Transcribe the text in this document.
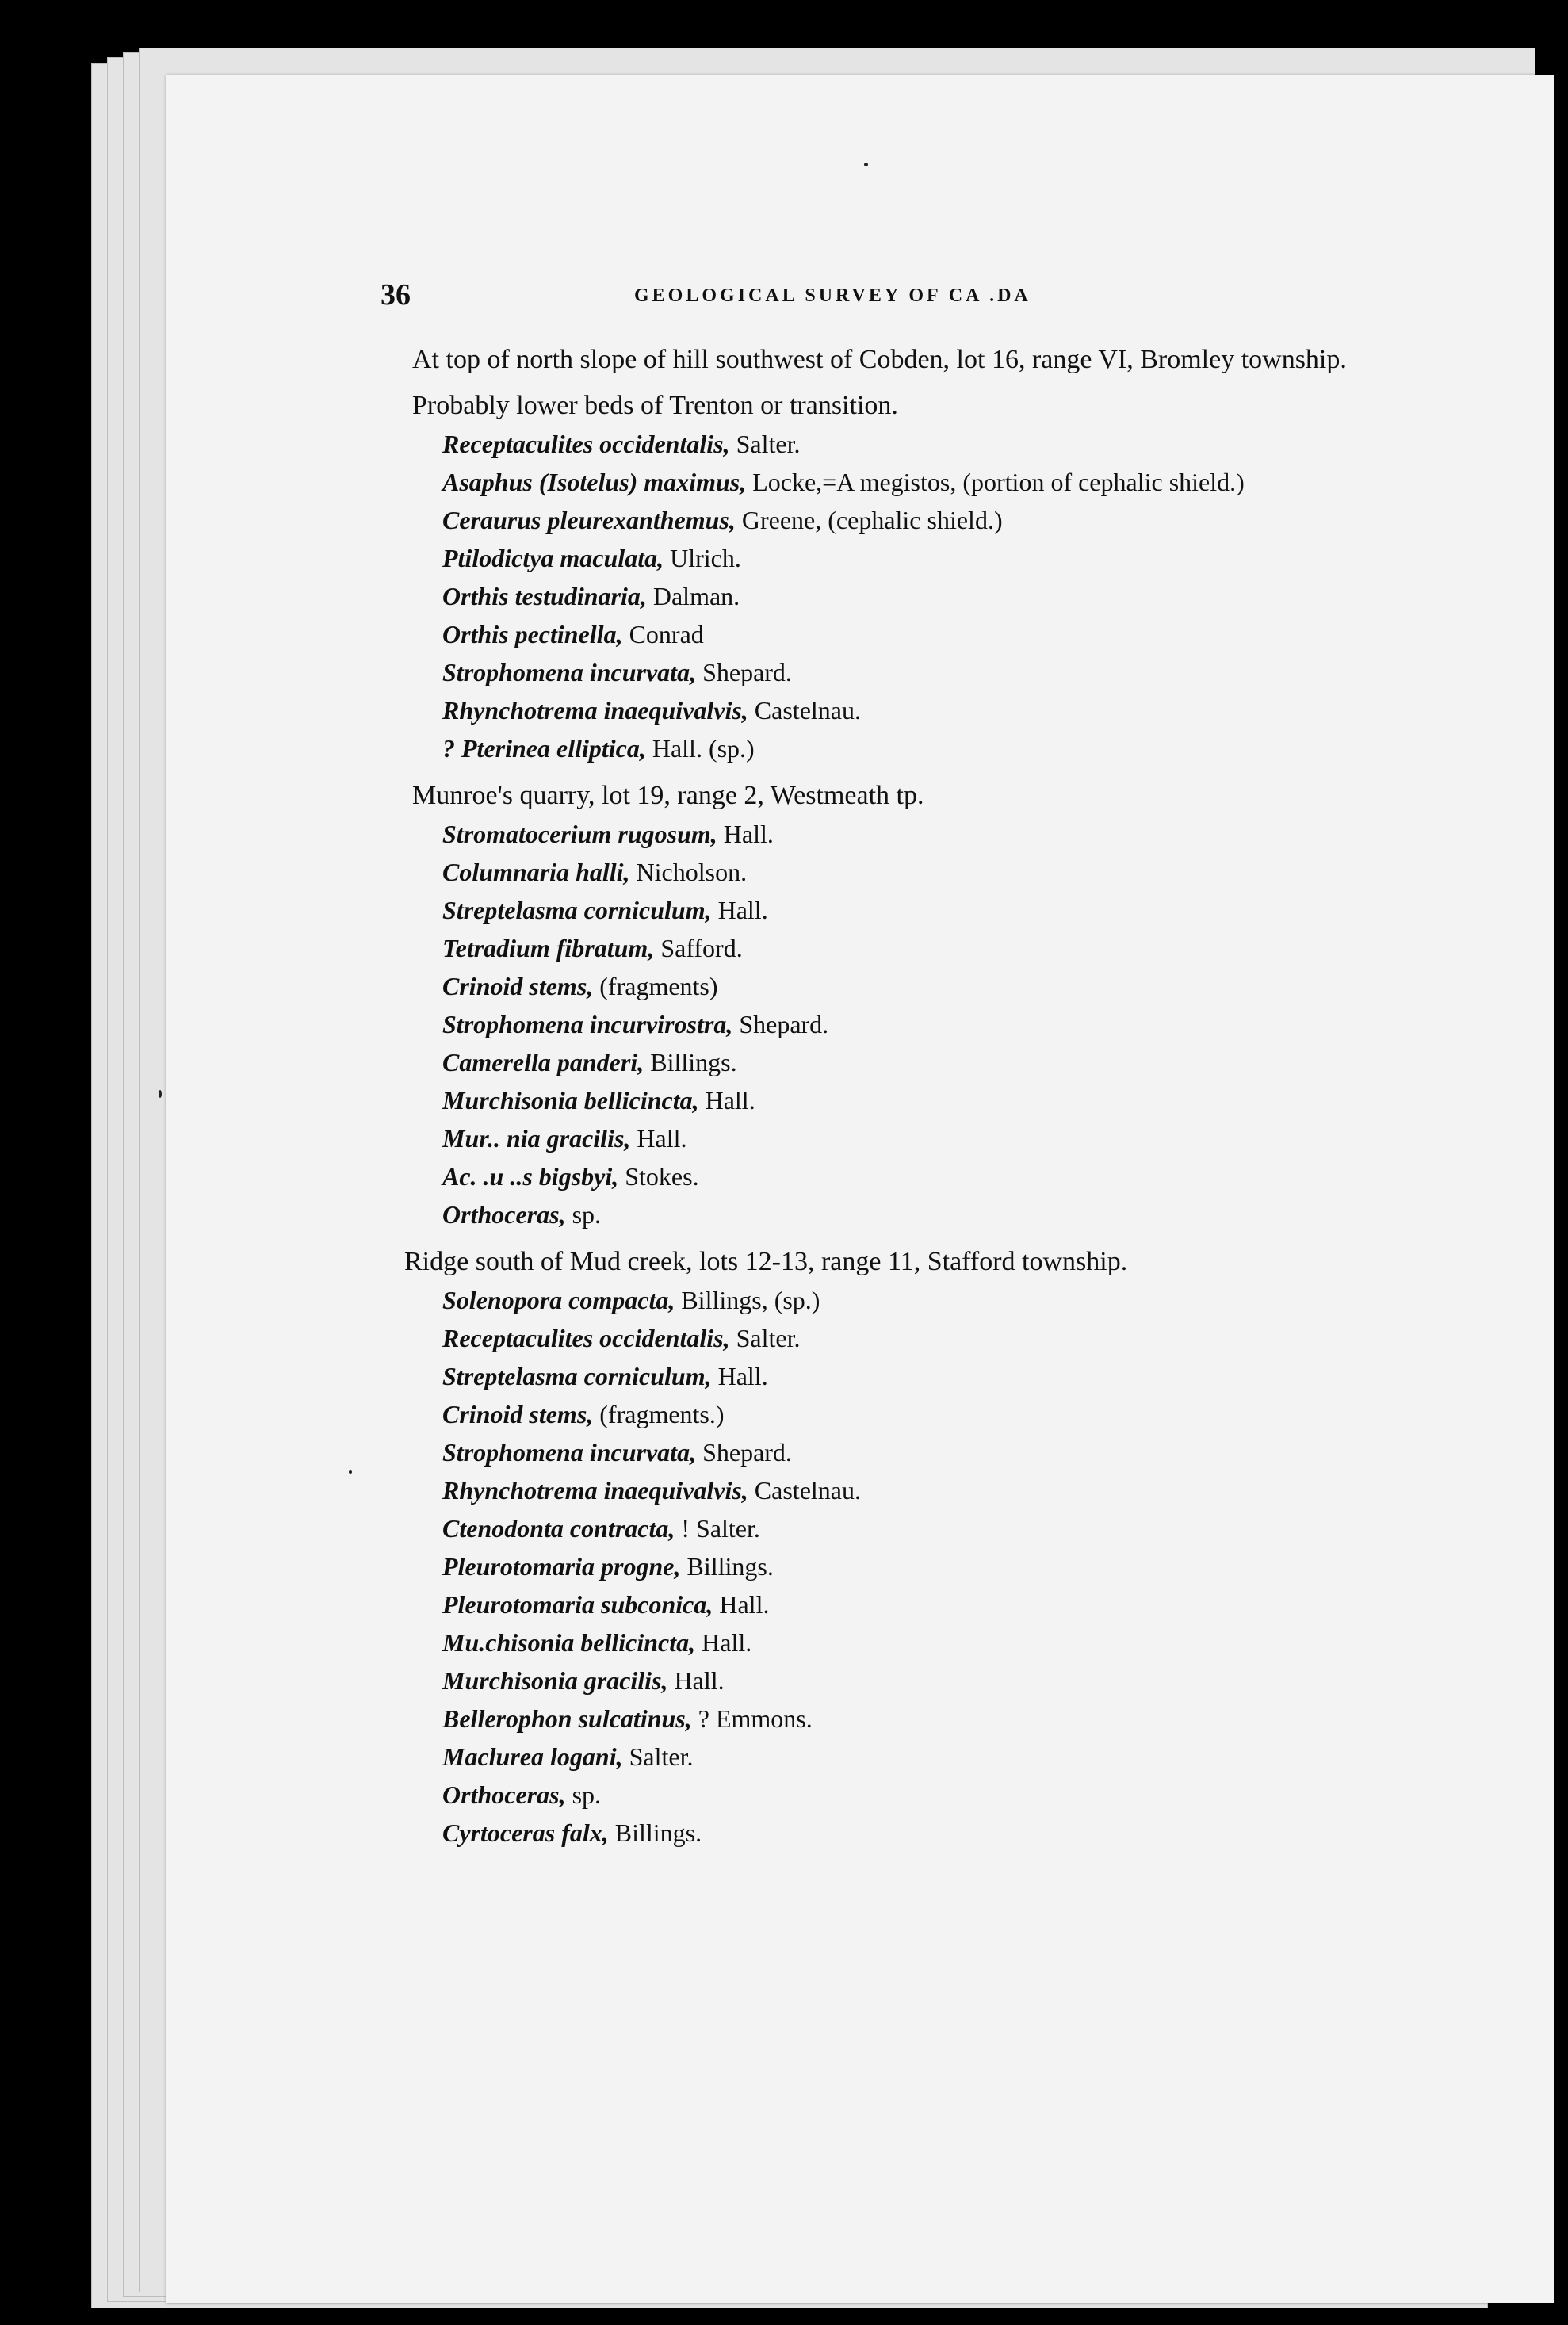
36	GEOLOGICAL SURVEY OF CA .DA

At top of north slope of hill southwest of Cobden, lot 16, range VI, Bromley township.

Probably lower beds of Trenton or transition.
Receptaculites occidentalis, Salter.
Asaphus (Isotelus) maximus, Locke,=A megistos, (portion of cephalic shield.)
Ceraurus pleurexanthemus, Greene, (cephalic shield.)
Ptilodictya maculata, Ulrich.
Orthis testudinaria, Dalman.
Orthis pectinella, Conrad
Strophomena incurvata, Shepard.
Rhynchotrema inaequivalvis, Castelnau.
? Pterinea elliptica, Hall. (sp.)
Munroe's quarry, lot 19, range 2, Westmeath tp.
Stromatocerium rugosum, Hall.
Columnaria halli, Nicholson.
Streptelasma corniculum, Hall.
Tetradium fibratum, Safford.
Crinoid stems, (fragments)
Strophomena incurvirostra, Shepard.
Camerella panderi, Billings.
Murchisonia bellicincta, Hall.
Mur.. nia gracilis, Hall.
Ac. .u ..s bigsbyi, Stokes.
Orthoceras, sp.
Ridge south of Mud creek, lots 12-13, range 11, Stafford township.
Solenopora compacta, Billings, (sp.)
Receptaculites occidentalis, Salter.
Streptelasma corniculum, Hall.
Crinoid stems, (fragments.)
Strophomena incurvata, Shepard.
Rhynchotrema inaequivalvis, Castelnau.
Ctenodonta contracta, ! Salter.
Pleurotomaria progne, Billings.
Pleurotomaria subconica, Hall.
Mu.chisonia bellicincta, Hall.
Murchisonia gracilis, Hall.
Bellerophon sulcatinus, ? Emmons.
Maclurea logani, Salter.
Orthoceras, sp.
Cyrtoceras falx, Billings.
